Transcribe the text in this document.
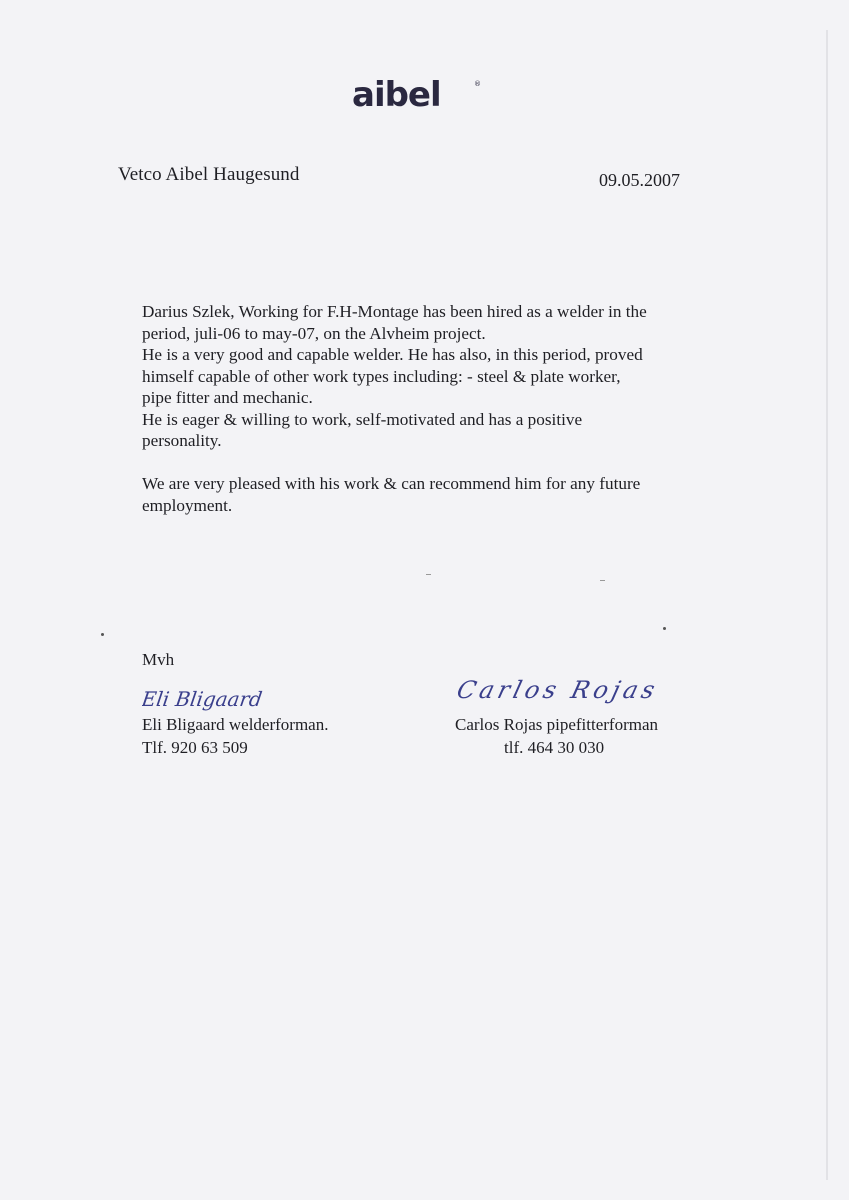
aibel	®
Vetco Aibel Haugesund	09.05.2007

Darius Szlek, Working for F.H-Montage has been hired as a welder in the
period, juli-06 to may-07, on the Alvheim project.
He is a very good and capable welder. He has also, in this period, proved
himself capable of other work types including: - steel & plate worker,
pipe fitter and mechanic.
He is eager & willing to work, self-motivated and has a positive
personality.

We are very pleased with his work & can recommend him for any future
employment.

Mvh
Eli Bligaard	Carlos Rojas
Eli Bligaard welderforman.
Tlf. 920 63 509
Carlos Rojas pipefitterforman
tlf. 464 30 030
